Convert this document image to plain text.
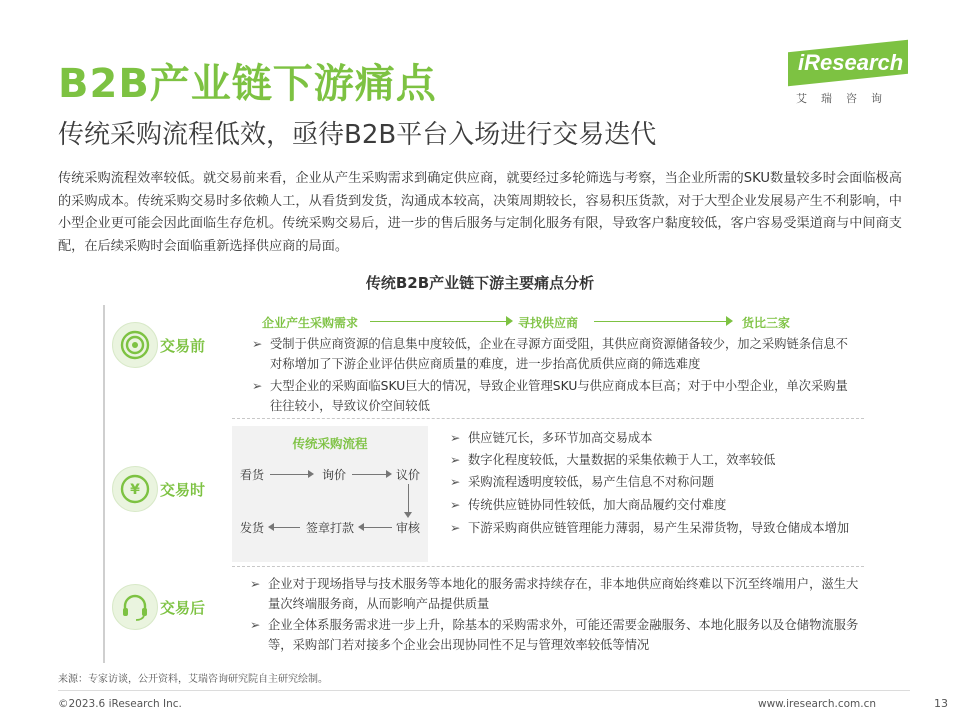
B2B产业链下游痛点
传统采购流程低效，亟待B2B平台入场进行交易迭代
iResearch
艾瑞咨询
传统采购流程效率较低。就交易前来看，企业从产生采购需求到确定供应商，就要经过多轮筛选与考察，当企业所需的SKU数量较多时会面临极高的采购成本。传统采购交易时多依赖人工，从看货到发货，沟通成本较高，决策周期较长，容易积压货款，对于大型企业发展易产生不利影响，中小型企业更可能会因此面临生存危机。传统采购交易后，进一步的售后服务与定制化服务有限，导致客户黏度较低，客户容易受渠道商与中间商支配，在后续采购时会面临重新选择供应商的局面。
传统B2B产业链下游主要痛点分析
交易前
企业产生采购需求	寻找供应商	货比三家
➢ 受制于供应商资源的信息集中度较低，企业在寻源方面受阻，其供应商资源储备较少，加之采购链条信息不对称增加了下游企业评估供应商质量的难度，进一步抬高优质供应商的筛选难度
➢ 大型企业的采购面临SKU巨大的情况，导致企业管理SKU与供应商成本巨高；对于中小型企业，单次采购量往往较小，导致议价空间较低
¥ 交易时
传统采购流程
看货	询价	议价
审核
签章打款
发货
➢ 供应链冗长，多环节加高交易成本
➢ 数字化程度较低，大量数据的采集依赖于人工，效率较低
➢ 采购流程透明度较低，易产生信息不对称问题
➢ 传统供应链协同性较低，加大商品履约交付难度
➢ 下游采购商供应链管理能力薄弱，易产生呆滞货物，导致仓储成本增加
交易后
➢ 企业对于现场指导与技术服务等本地化的服务需求持续存在，非本地供应商始终难以下沉至终端用户，滋生大量次终端服务商，从而影响产品提供质量
➢ 企业全体系服务需求进一步上升，除基本的采购需求外，可能还需要金融服务、本地化服务以及仓储物流服务等，采购部门若对接多个企业会出现协同性不足与管理效率较低等情况
来源：专家访谈，公开资料，艾瑞咨询研究院自主研究绘制。
©2023.6 iResearch Inc.	www.iresearch.com.cn	13
